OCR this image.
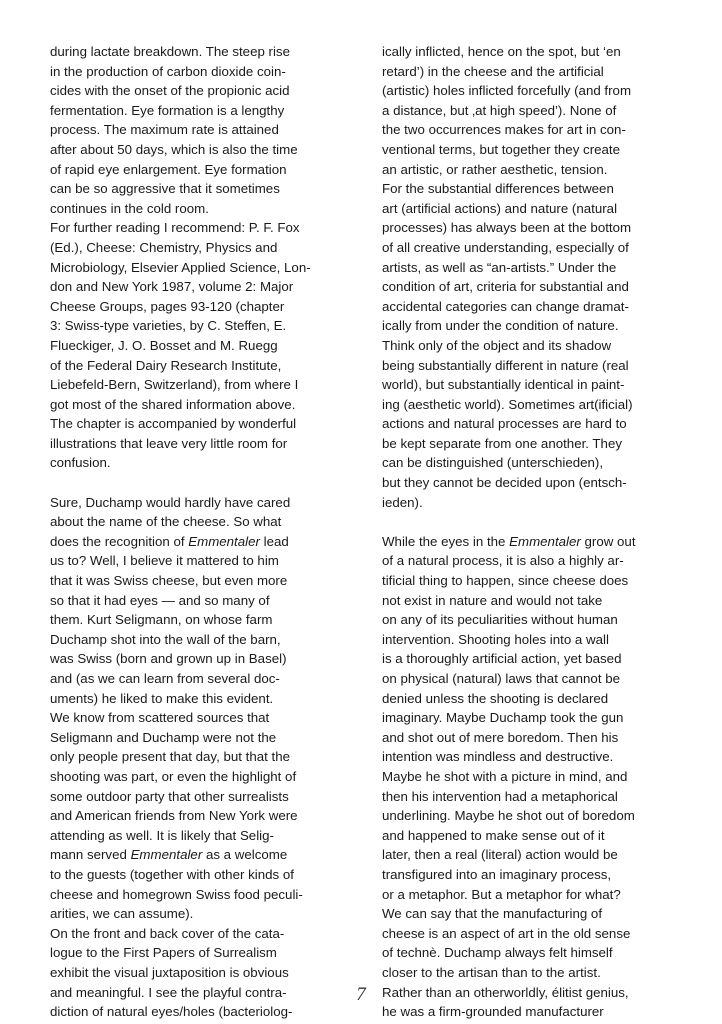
during lactate breakdown. The steep rise
in the production of carbon dioxide coin-
cides with the onset of the propionic acid
fermentation. Eye formation is a lengthy
process. The maximum rate is attained
after about 50 days, which is also the time
of rapid eye enlargement. Eye formation
can be so aggressive that it sometimes
continues in the cold room.
For further reading I recommend: P. F. Fox
(Ed.), Cheese: Chemistry, Physics and
Microbiology, Elsevier Applied Science, Lon-
don and New York 1987, volume 2: Major
Cheese Groups, pages 93-120 (chapter
3: Swiss-type varieties, by C. Steffen, E.
Flueckiger, J. O. Bosset and M. Ruegg
of the Federal Dairy Research Institute,
Liebefeld-Bern, Switzerland), from where I
got most of the shared information above.
The chapter is accompanied by wonderful
illustrations that leave very little room for
confusion.
Sure, Duchamp would hardly have cared
about the name of the cheese. So what
does the recognition of Emmentaler lead
us to? Well, I believe it mattered to him
that it was Swiss cheese, but even more
so that it had eyes — and so many of
them. Kurt Seligmann, on whose farm
Duchamp shot into the wall of the barn,
was Swiss (born and grown up in Basel)
and (as we can learn from several doc-
uments) he liked to make this evident.
We know from scattered sources that
Seligmann and Duchamp were not the
only people present that day, but that the
shooting was part, or even the highlight of
some outdoor party that other surrealists
and American friends from New York were
attending as well. It is likely that Selig-
mann served Emmentaler as a welcome
to the guests (together with other kinds of
cheese and homegrown Swiss food peculi-
arities, we can assume).
On the front and back cover of the cata-
logue to the First Papers of Surrealism
exhibit the visual juxtaposition is obvious
and meaningful. I see the playful contra-
diction of natural eyes/holes (bacteriolog-
ically inflicted, hence on the spot, but ‘en
retard’) in the cheese and the artificial
(artistic) holes inflicted forcefully (and from
a distance, but ‚at high speed’). None of
the two occurrences makes for art in con-
ventional terms, but together they create
an artistic, or rather aesthetic, tension.
For the substantial differences between
art (artificial actions) and nature (natural
processes) has always been at the bottom
of all creative understanding, especially of
artists, as well as “an-artists.” Under the
condition of art, criteria for substantial and
accidental categories can change dramat-
ically from under the condition of nature.
Think only of the object and its shadow
being substantially different in nature (real
world), but substantially identical in paint-
ing (aesthetic world). Sometimes art(ificial)
actions and natural processes are hard to
be kept separate from one another. They
can be distinguished (unterschieden),
but they cannot be decided upon (entsch-
ieden).
While the eyes in the Emmentaler grow out
of a natural process, it is also a highly ar-
tificial thing to happen, since cheese does
not exist in nature and would not take
on any of its peculiarities without human
intervention. Shooting holes into a wall
is a thoroughly artificial action, yet based
on physical (natural) laws that cannot be
denied unless the shooting is declared
imaginary. Maybe Duchamp took the gun
and shot out of mere boredom. Then his
intention was mindless and destructive.
Maybe he shot with a picture in mind, and
then his intervention had a metaphorical
underlining. Maybe he shot out of boredom
and happened to make sense out of it
later, then a real (literal) action would be
transfigured into an imaginary process,
or a metaphor. But a metaphor for what?
We can say that the manufacturing of
cheese is an aspect of art in the old sense
of technè. Duchamp always felt himself
closer to the artisan than to the artist.
Rather than an otherworldly, élitist genius,
he was a firm-grounded manufacturer
7
